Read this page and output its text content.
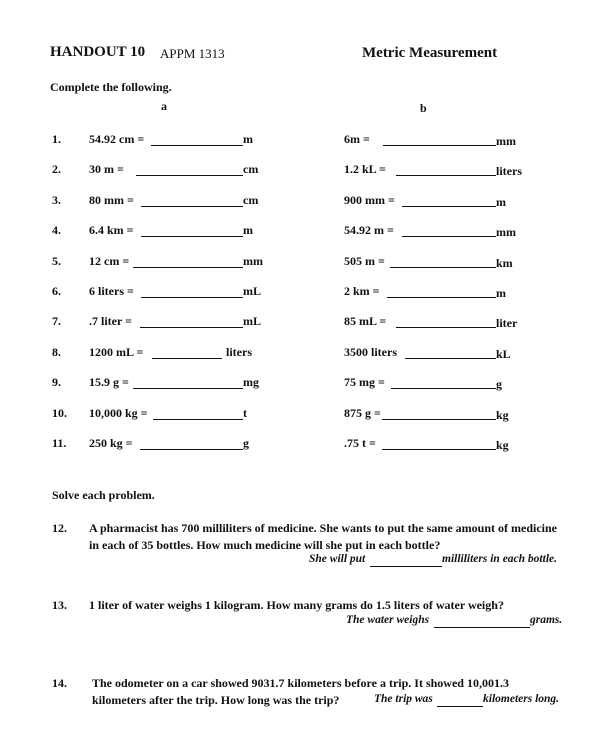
HANDOUT 10 APPM 1313	Metric Measurement
Complete the following.
a	b
1. 54.92 cm =	m	6m =	mm
2. 30 m =	cm	1.2 kL =	liters
3. 80 mm =	cm	900 mm =	m
4. 6.4 km =	m	54.92 m =	mm
5. 12 cm =	mm	505 m =	km
6. 6 liters =	mL	2 km =	m
7. .7 liter =	mL	85 mL =	liter
8. 1200 mL =	liters	3500 liters	kL
9. 15.9 g =	mg	75 mg =	g
10. 10,000 kg =	t	875 g =	kg
11. 250 kg =	g	.75 t =	kg
Solve each problem.
12. A pharmacist has 700 milliliters of medicine. She wants to put the same amount of medicine
in each of 35 bottles. How much medicine will she put in each bottle?
She will put	milliliters in each bottle.
13. 1 liter of water weighs 1 kilogram. How many grams do 1.5 liters of water weigh?
The water weighs	grams.
14. The odometer on a car showed 9031.7 kilometers before a trip. It showed 10,001.3
kilometers after the trip. How long was the trip?	The trip was	kilometers long.
